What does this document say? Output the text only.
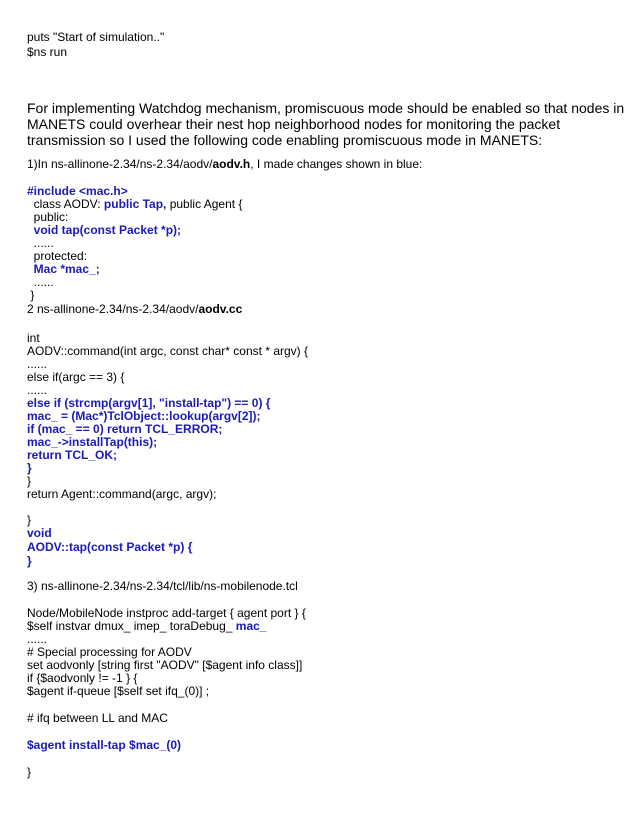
puts "Start of simulation.."
$ns run
For implementing Watchdog mechanism, promiscuous mode should be enabled so that nodes in MANETS could overhear their nest hop neighborhood nodes for monitoring the packet transmission so I used the following code enabling promiscuous mode in MANETS:
1)In ns-allinone-2.34/ns-2.34/aodv/aodv.h, I made changes shown in blue:
#include <mac.h>
class AODV: public Tap, public Agent {
public:
void tap(const Packet *p);
......
protected:
Mac *mac_;
......
}
2 ns-allinone-2.34/ns-2.34/aodv/aodv.cc
int
AODV::command(int argc, const char* const * argv) {
......
else if(argc == 3) {
......
else if (strcmp(argv[1], "install-tap") == 0) {
mac_ = (Mac*)TclObject::lookup(argv[2]);
if (mac_ == 0) return TCL_ERROR;
mac_->installTap(this);
return TCL_OK;
}
}
return Agent::command(argc, argv);
}
void
AODV::tap(const Packet *p) {
}
3) ns-allinone-2.34/ns-2.34/tcl/lib/ns-mobilenode.tcl
Node/MobileNode instproc add-target { agent port } {
$self instvar dmux_ imep_ toraDebug_ mac_
......
# Special processing for AODV
set aodvonly [string first "AODV" [$agent info class]]
if {$aodvonly != -1 } {
$agent if-queue [$self set ifq_(0)] ;
# ifq between LL and MAC
$agent install-tap $mac_(0)
}
